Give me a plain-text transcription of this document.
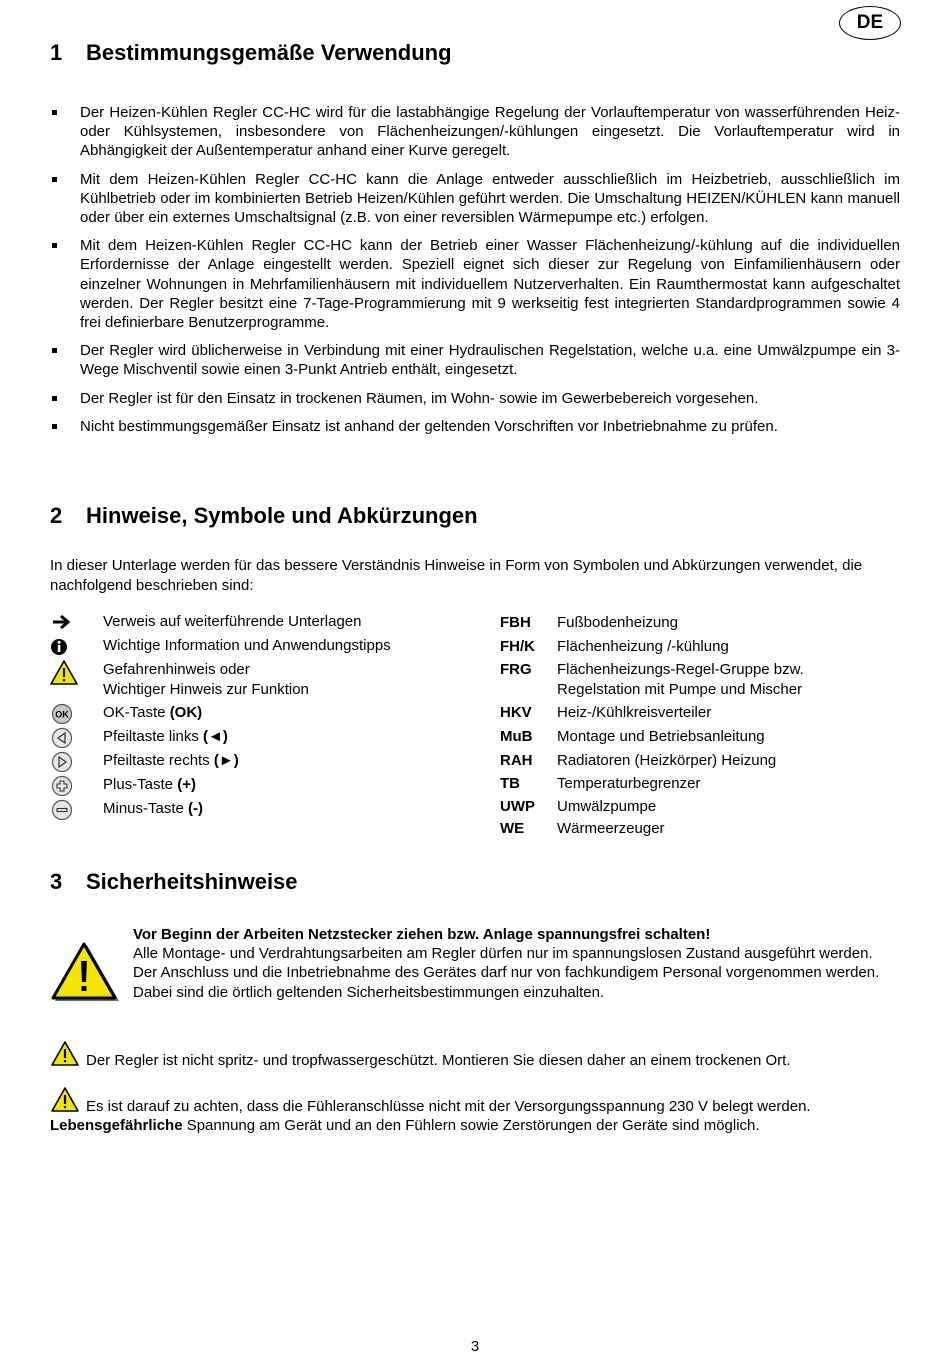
DE
1 Bestimmungsgemäße Verwendung
Der Heizen-Kühlen Regler CC-HC wird für die lastabhängige Regelung der Vorlauftemperatur von wasserführenden Heiz- oder Kühlsystemen, insbesondere von Flächenheizungen/-kühlungen eingesetzt. Die Vorlauftemperatur wird in Abhängigkeit der Außentemperatur anhand einer Kurve geregelt.
Mit dem Heizen-Kühlen Regler CC-HC kann die Anlage entweder ausschließlich im Heizbetrieb, ausschließlich im Kühlbetrieb oder im kombinierten Betrieb Heizen/Kühlen geführt werden. Die Umschaltung HEIZEN/KÜHLEN kann manuell oder über ein externes Umschaltsignal (z.B. von einer reversiblen Wärmepumpe etc.) erfolgen.
Mit dem Heizen-Kühlen Regler CC-HC kann der Betrieb einer Wasser Flächenheizung/-kühlung auf die individuellen Erfordernisse der Anlage eingestellt werden. Speziell eignet sich dieser zur Regelung von Einfamilienhäusern oder einzelner Wohnungen in Mehrfamilienhäusern mit individuellem Nutzerverhalten. Ein Raumthermostat kann aufgeschaltet werden. Der Regler besitzt eine 7-Tage-Programmierung mit 9 werkseitig fest integrierten Standardprogrammen sowie 4 frei definierbare Benutzerprogramme.
Der Regler wird üblicherweise in Verbindung mit einer Hydraulischen Regelstation, welche u.a. eine Umwälzpumpe ein 3-Wege Mischventil sowie einen 3-Punkt Antrieb enthält, eingesetzt.
Der Regler ist für den Einsatz in trockenen Räumen, im Wohn- sowie im Gewerbebereich vorgesehen.
Nicht bestimmungsgemäßer Einsatz ist anhand der geltenden Vorschriften vor Inbetriebnahme zu prüfen.
2 Hinweise, Symbole und Abkürzungen
In dieser Unterlage werden für das bessere Verständnis Hinweise in Form von Symbolen und Abkürzungen verwendet, die nachfolgend beschrieben sind:
Verweis auf weiterführende Unterlagen
Wichtige Information und Anwendungstipps
Gefahrenhinweis oder
Wichtiger Hinweis zur Funktion
OK OK-Taste (OK)
Pfeiltaste links (◄)
Pfeiltaste rechts (►)
Plus-Taste (+)
Minus-Taste (-)
FBH Fußbodenheizung
FH/K Flächenheizung /-kühlung
FRG Flächenheizungs-Regel-Gruppe bzw.
Regelstation mit Pumpe und Mischer
HKV Heiz-/Kühlkreisverteiler
MuB Montage und Betriebsanleitung
RAH Radiatoren (Heizkörper) Heizung
TB Temperaturbegrenzer
UWP Umwälzpumpe
WE Wärmeerzeuger
3 Sicherheitshinweise
Vor Beginn der Arbeiten Netzstecker ziehen bzw. Anlage spannungsfrei schalten!
Alle Montage- und Verdrahtungsarbeiten am Regler dürfen nur im spannungslosen Zustand ausgeführt werden.
Der Anschluss und die Inbetriebnahme des Gerätes darf nur von fachkundigem Personal vorgenommen werden. Dabei sind die örtlich geltenden Sicherheitsbestimmungen einzuhalten.
Der Regler ist nicht spritz- und tropfwassergeschützt. Montieren Sie diesen daher an einem trockenen Ort.
Es ist darauf zu achten, dass die Fühleranschlüsse nicht mit der Versorgungsspannung 230 V belegt werden.
Lebensgefährliche Spannung am Gerät und an den Fühlern sowie Zerstörungen der Geräte sind möglich.
3
